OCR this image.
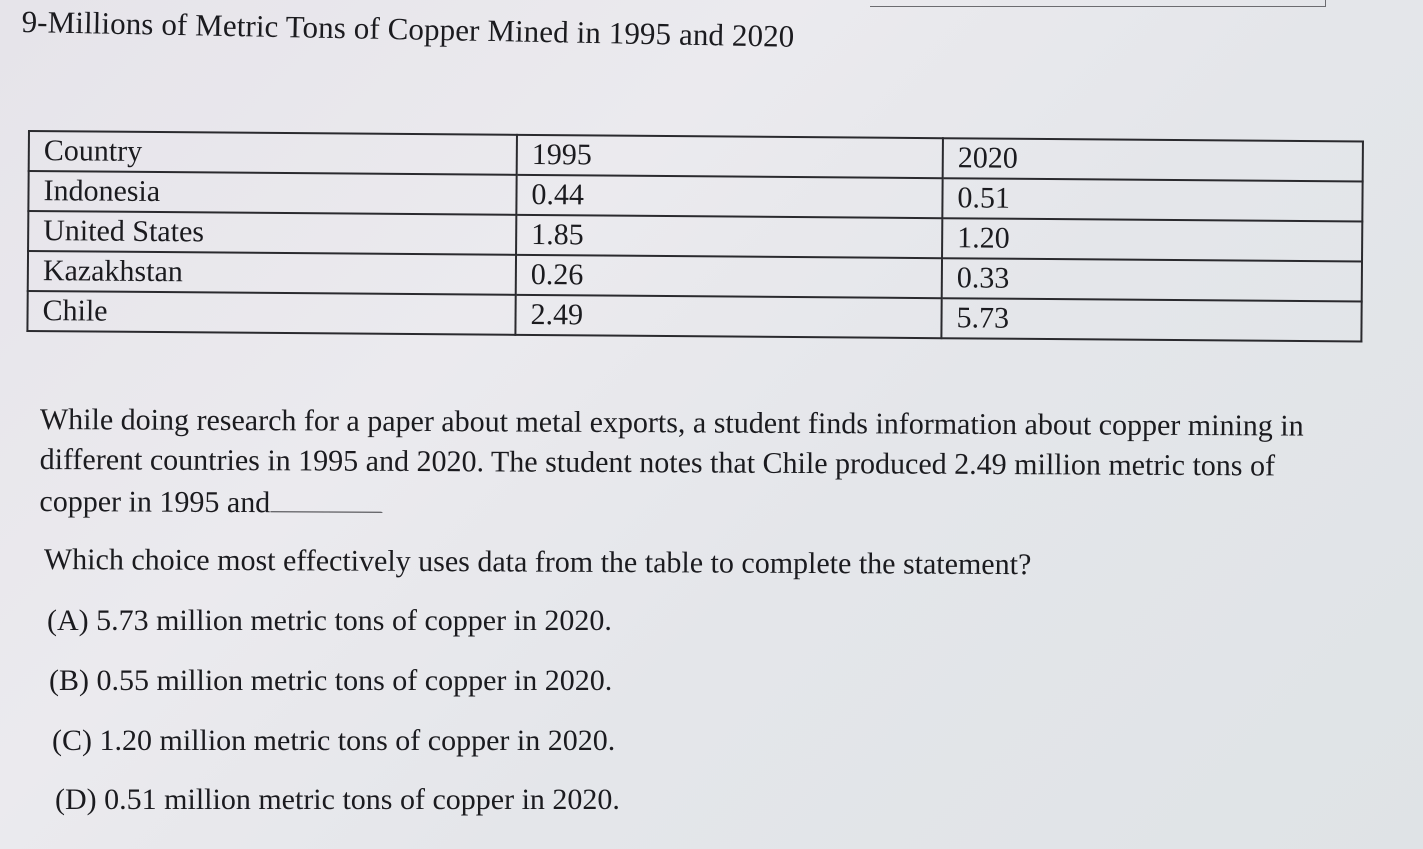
9-Millions of Metric Tons of Copper Mined in 1995 and 2020
Country	1995	2020
Indonesia	0.44	0.51
United States	1.85	1.20
Kazakhstan	0.26	0.33
Chile	2.49	5.73
While doing research for a paper about metal exports, a student finds information about copper mining in different countries in 1995 and 2020. The student notes that Chile produced 2.49 million metric tons of copper in 1995 and
Which choice most effectively uses data from the table to complete the statement?
(A) 5.73 million metric tons of copper in 2020.
(B) 0.55 million metric tons of copper in 2020.
(C) 1.20 million metric tons of copper in 2020.
(D) 0.51 million metric tons of copper in 2020.
